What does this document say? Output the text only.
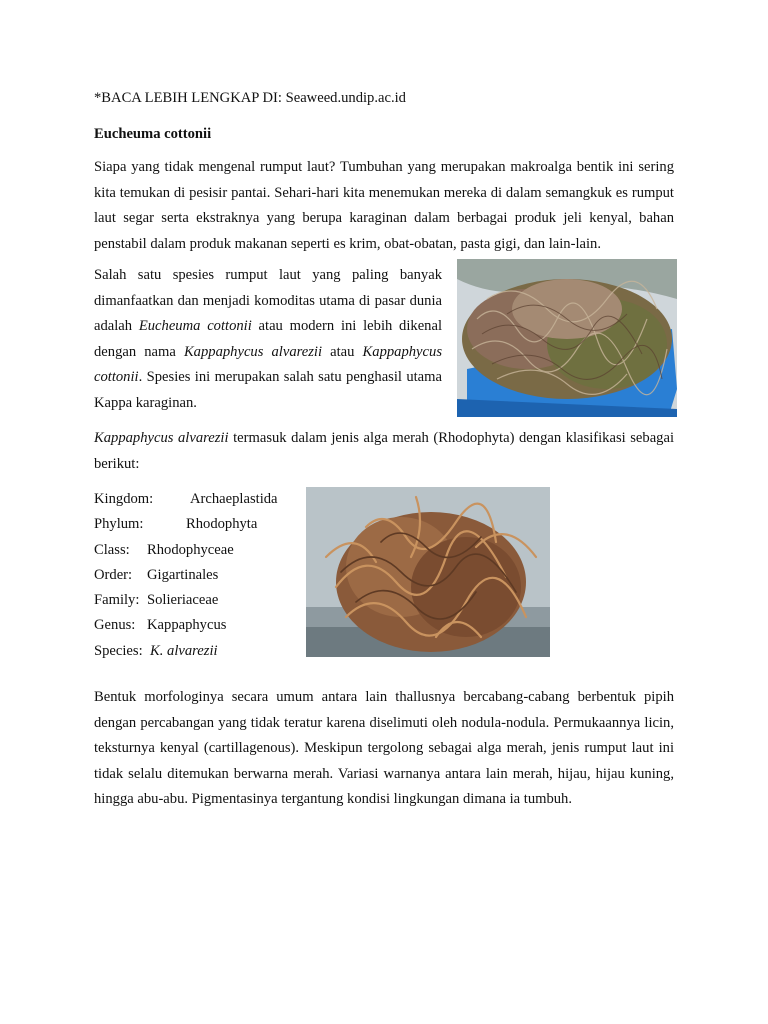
*BACA LEBIH LENGKAP DI: Seaweed.undip.ac.id

Eucheuma cottonii

Siapa yang tidak mengenal rumput laut? Tumbuhan yang merupakan makroalga bentik ini sering kita temukan di pesisir pantai. Sehari-hari kita menemukan mereka di dalam semangkuk es rumput laut segar serta ekstraknya yang berupa karaginan dalam berbagai produk jeli kenyal, bahan penstabil dalam produk makanan seperti es krim, obat-obatan, pasta gigi, dan lain-lain.

Salah satu spesies rumput laut yang paling banyak dimanfaatkan dan menjadi komoditas utama di pasar dunia adalah Eucheuma cottonii atau modern ini lebih dikenal dengan nama Kappaphycus alvarezii atau Kappaphycus cottonii. Spesies ini merupakan salah satu penghasil utama Kappa karaginan.

Kappaphycus alvarezii termasuk dalam jenis alga merah (Rhodophyta) dengan klasifikasi sebagai berikut:

Kingdom:	Archaeplastida
Phylum:	Rhodophyta
Class:	Rhodophyceae
Order:	Gigartinales
Family: Solieriaceae
Genus: Kappaphycus
Species: K. alvarezii

Bentuk morfologinya secara umum antara lain thallusnya bercabang-cabang berbentuk pipih dengan percabangan yang tidak teratur karena diselimuti oleh nodula-nodula. Permukaannya licin, teksturnya kenyal (cartillagenous). Meskipun tergolong sebagai alga merah, jenis rumput laut ini tidak selalu ditemukan berwarna merah. Variasi warnanya antara lain merah, hijau, hijau kuning, hingga abu-abu. Pigmentasinya tergantung kondisi lingkungan dimana ia tumbuh.
